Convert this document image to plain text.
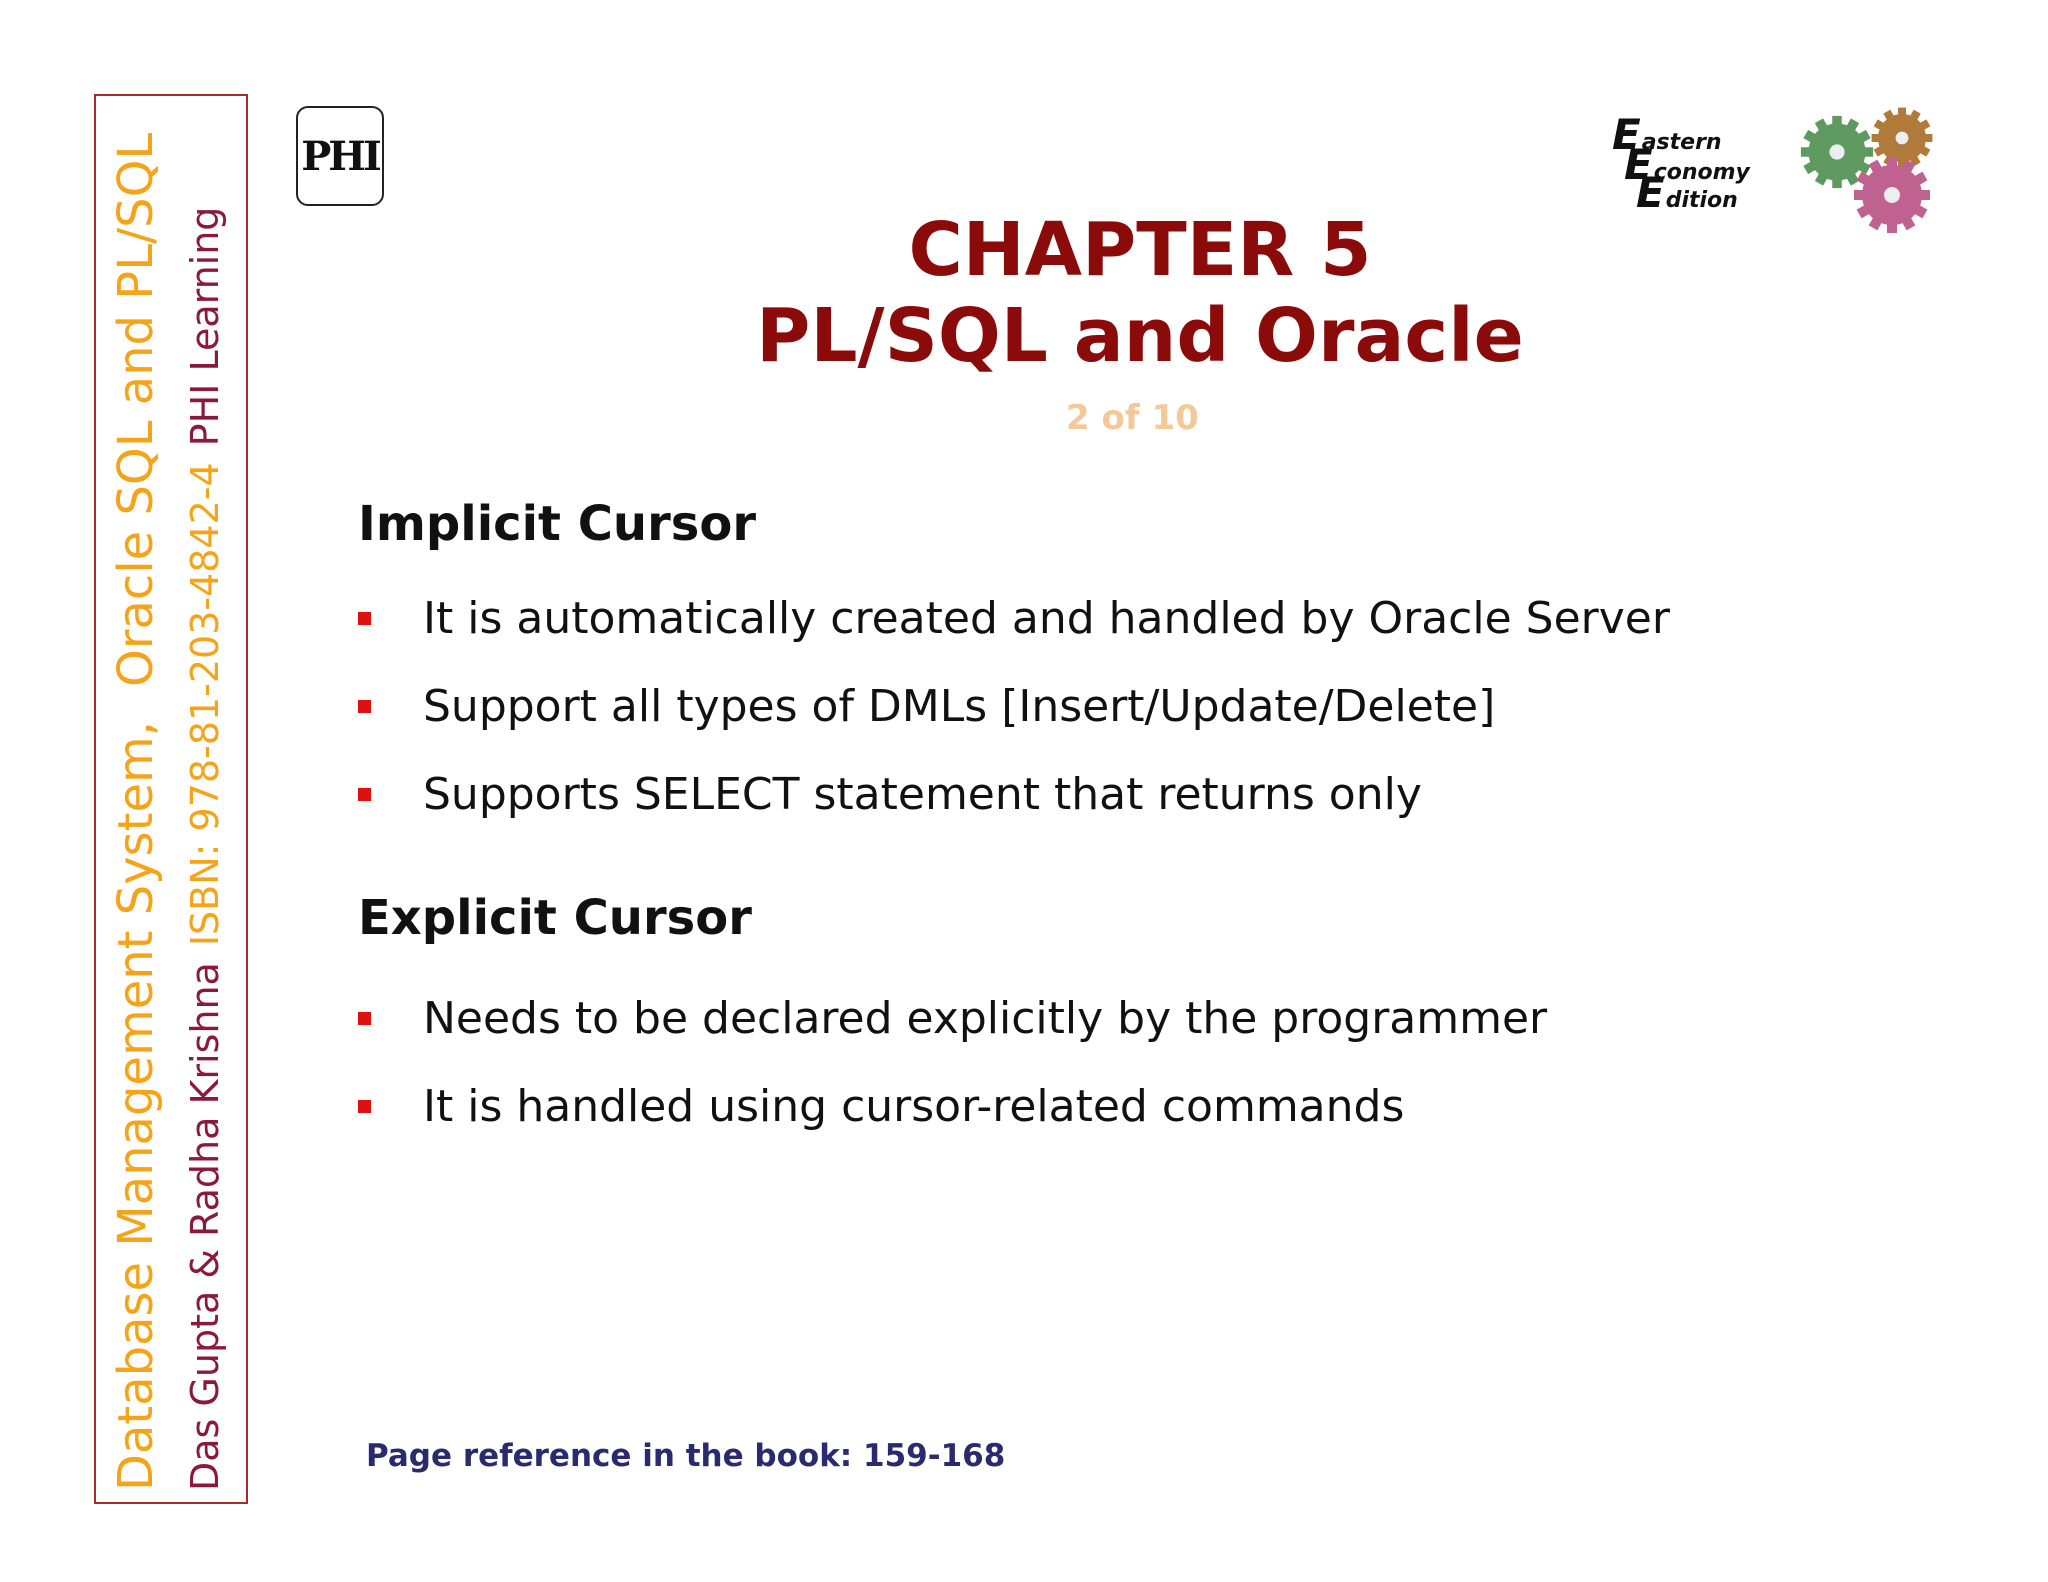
Database Management System,
Oracle SQL and PL/SQL
Das Gupta & Radha Krishna
ISBN: 978-81-203-4842-4
PHI Learning
PHI	Eastern
Economy
Edition
CHAPTER 5
PL/SQL and Oracle
2 of 10
Implicit Cursor
It is automatically created and handled by Oracle Server
Support all types of DMLs [Insert/Update/Delete]
Supports SELECT statement that returns only
Explicit Cursor
Needs to be declared explicitly by the programmer
It is handled using cursor-related commands
Page reference in the book: 159-168
